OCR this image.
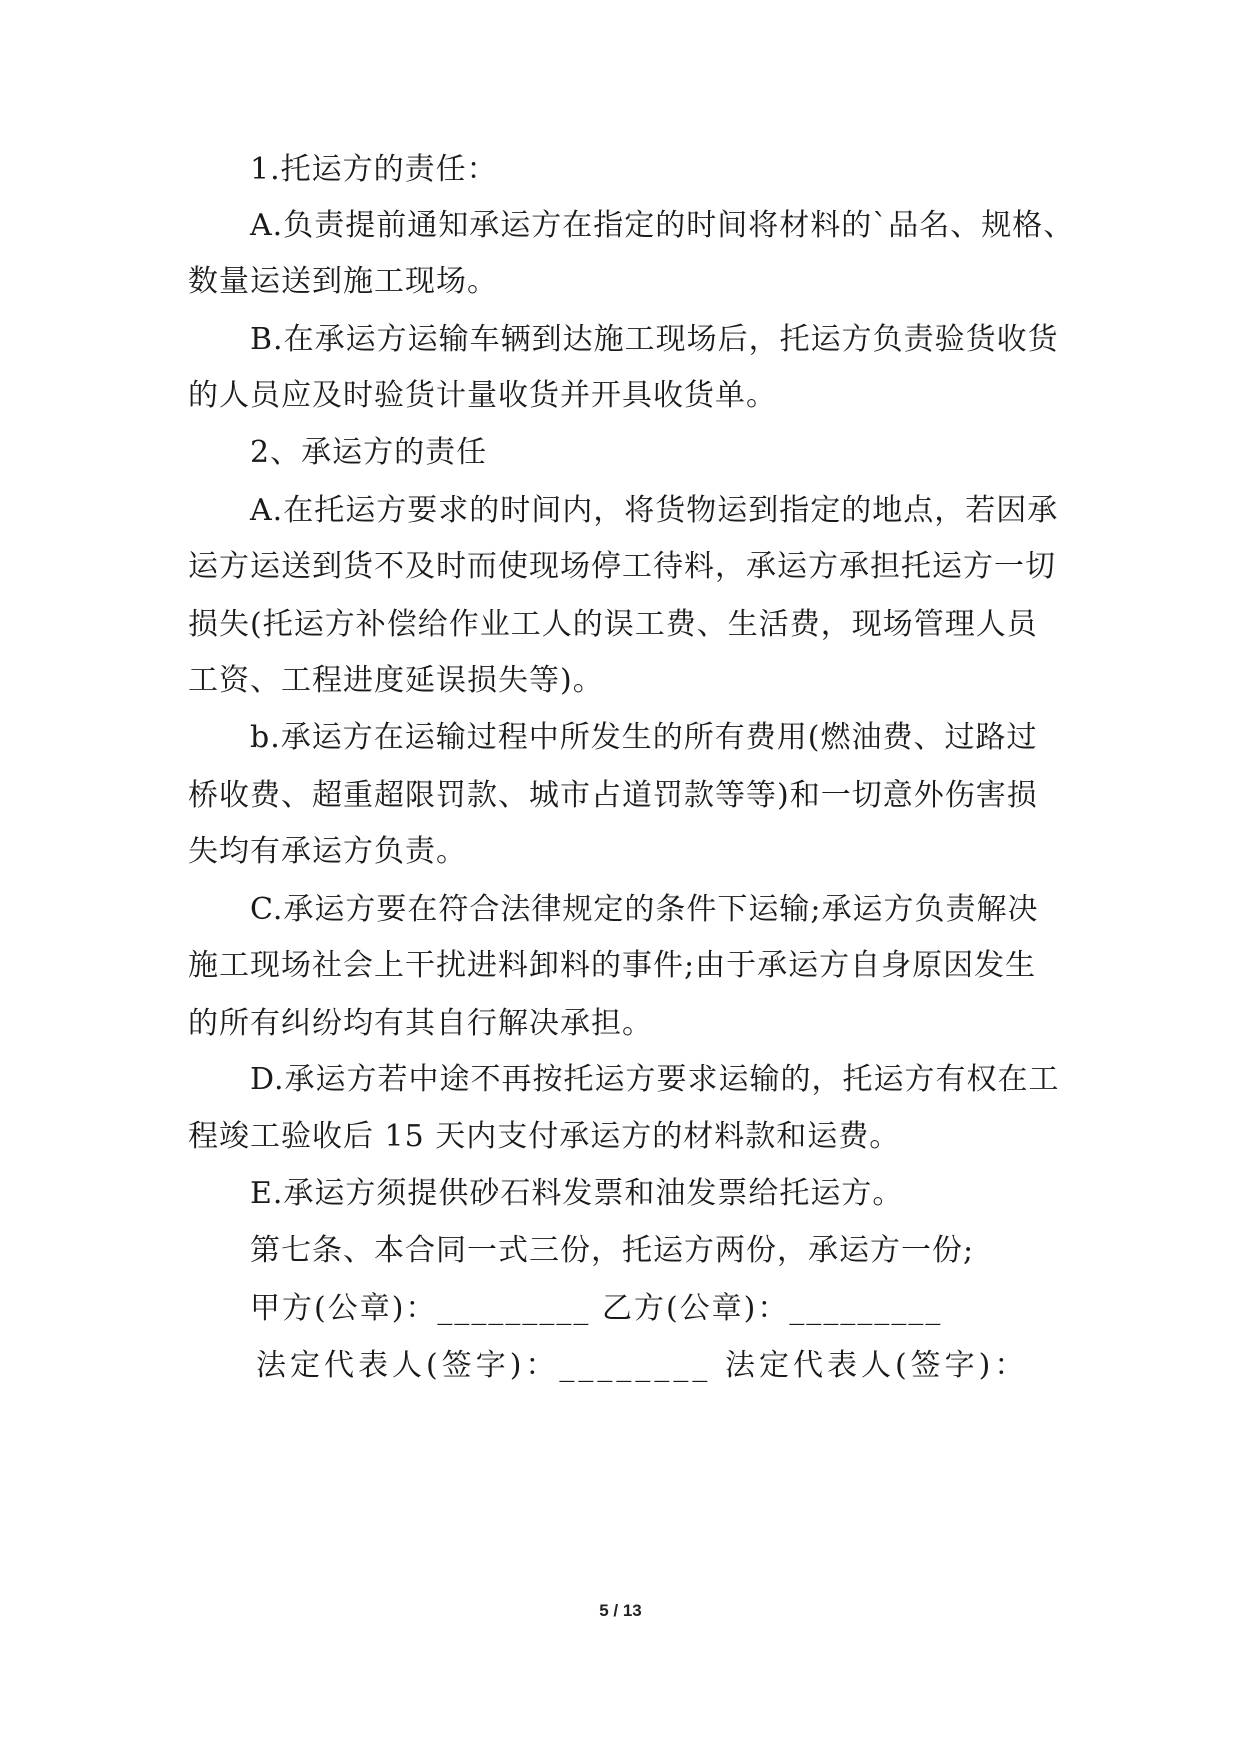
1.托运方的责任：
A.负责提前通知承运方在指定的时间将材料的`品名、规格、
数量运送到施工现场。
B.在承运方运输车辆到达施工现场后，托运方负责验货收货
的人员应及时验货计量收货并开具收货单。
2、承运方的责任
A.在托运方要求的时间内，将货物运到指定的地点，若因承
运方运送到货不及时而使现场停工待料，承运方承担托运方一切
损失(托运方补偿给作业工人的误工费、生活费，现场管理人员
工资、工程进度延误损失等)。
b.承运方在运输过程中所发生的所有费用(燃油费、过路过
桥收费、超重超限罚款、城市占道罚款等等)和一切意外伤害损
失均有承运方负责。
C.承运方要在符合法律规定的条件下运输;承运方负责解决
施工现场社会上干扰进料卸料的事件;由于承运方自身原因发生
的所有纠纷均有其自行解决承担。
D.承运方若中途不再按托运方要求运输的，托运方有权在工
程竣工验收后 15 天内支付承运方的材料款和运费。
E.承运方须提供砂石料发票和油发票给托运方。
第七条、本合同一式三份，托运方两份，承运方一份;
甲方(公章)：_________ 乙方(公章)：_________
法定代表人(签字)：________ 法定代表人(签字)：
5 / 13
